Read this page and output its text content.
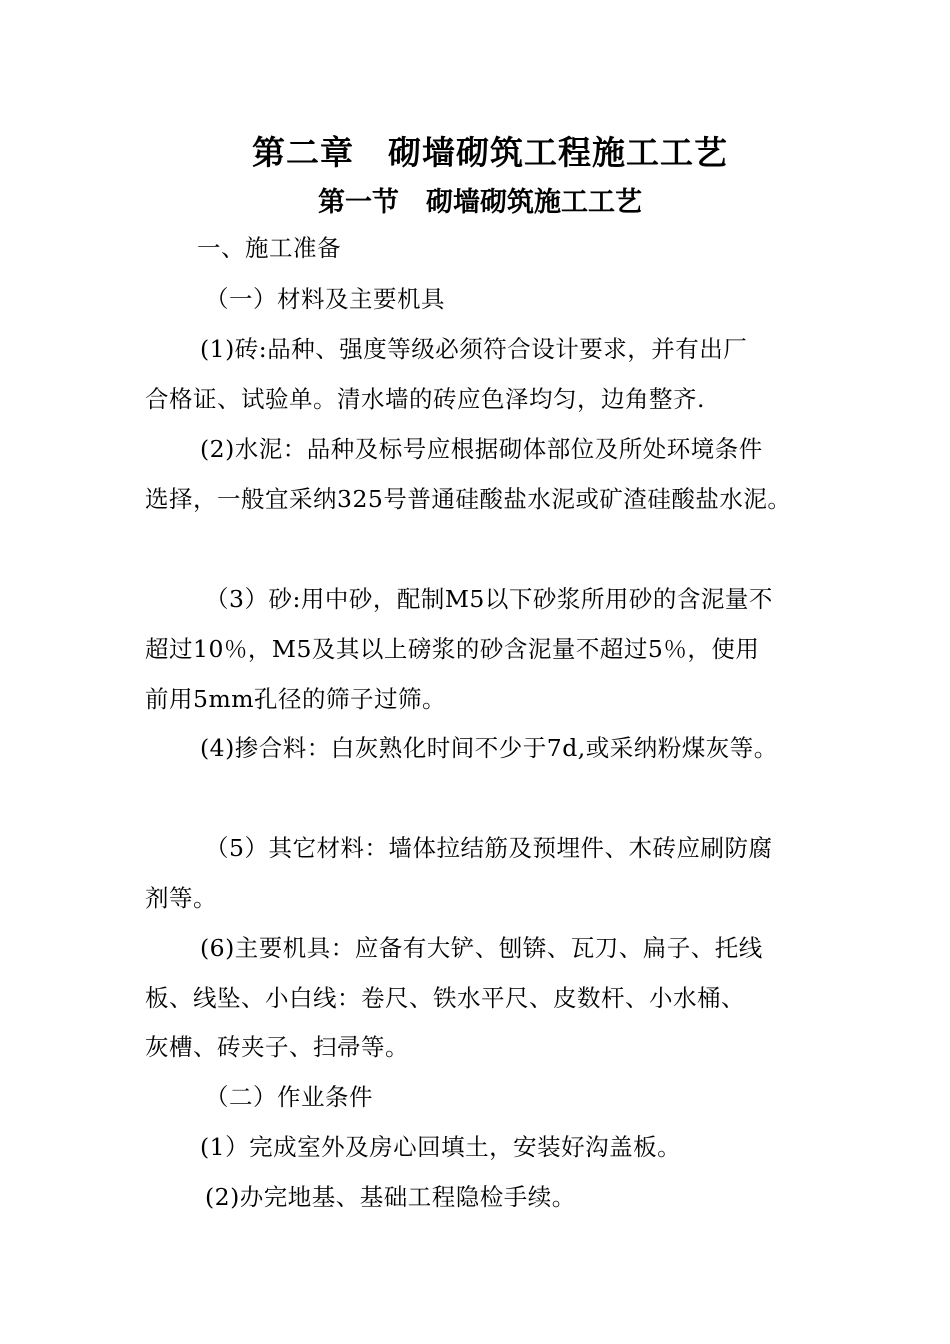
第二章　砌墙砌筑工程施工工艺
第一节　砌墙砌筑施工工艺
一、施工准备
（一）材料及主要机具
(1)砖:品种、强度等级必须符合设计要求，并有出厂
合格证、试验单。清水墙的砖应色泽均匀，边角整齐.
(2)水泥：品种及标号应根据砌体部位及所处环境条件
选择，一般宜采纳325号普通硅酸盐水泥或矿渣硅酸盐水泥。
（3）砂:用中砂，配制M5以下砂浆所用砂的含泥量不
超过10％，M5及其以上磅浆的砂含泥量不超过5％，使用
前用5mm孔径的筛子过筛。
(4)掺合料：白灰熟化时间不少于7d,或采纳粉煤灰等。
（5）其它材料：墙体拉结筋及预埋件、木砖应刷防腐
剂等。
(6)主要机具：应备有大铲、刨锛、瓦刀、扁子、托线
板、线坠、小白线：卷尺、铁水平尺、皮数杆、小水桶、
灰槽、砖夹子、扫帚等。
（二）作业条件
(1）完成室外及房心回填土，安装好沟盖板。
(2)办完地基、基础工程隐检手续。
